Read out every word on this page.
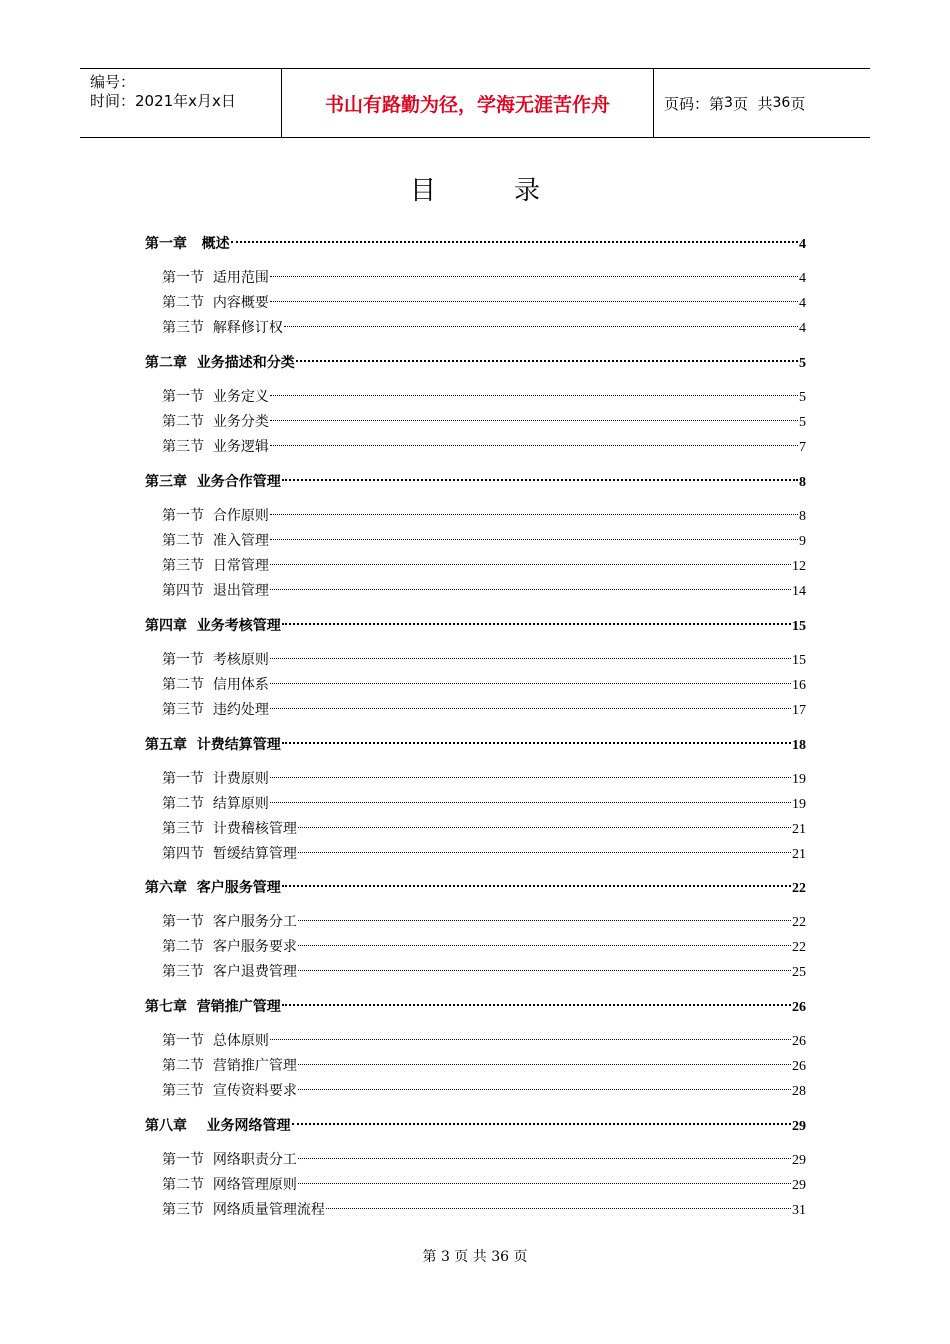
编号：
时间：2021年x月x日	书山有路勤为径，学海无涯苦作舟	页码：第 3 页  共 36 页
目录
第一章   概述	4
第一节  适用范围	4
第二节  内容概要	4
第三节  解释修订权	4
第二章  业务描述和分类	5
第一节  业务定义	5
第二节  业务分类	5
第三节  业务逻辑	7
第三章  业务合作管理	8
第一节  合作原则	8
第二节  准入管理	9
第三节  日常管理	12
第四节  退出管理	14
第四章  业务考核管理	15
第一节  考核原则	15
第二节  信用体系	16
第三节  违约处理	17
第五章  计费结算管理	18
第一节  计费原则	19
第二节  结算原则	19
第三节  计费稽核管理	21
第四节  暂缓结算管理	21
第六章  客户服务管理	22
第一节  客户服务分工	22
第二节  客户服务要求	22
第三节  客户退费管理	25
第七章  营销推广管理	26
第一节  总体原则	26
第二节  营销推广管理	26
第三节  宣传资料要求	28
第八章    业务网络管理	29
第一节  网络职责分工	29
第二节  网络管理原则	29
第三节  网络质量管理流程	31
第 3 页 共 36 页
